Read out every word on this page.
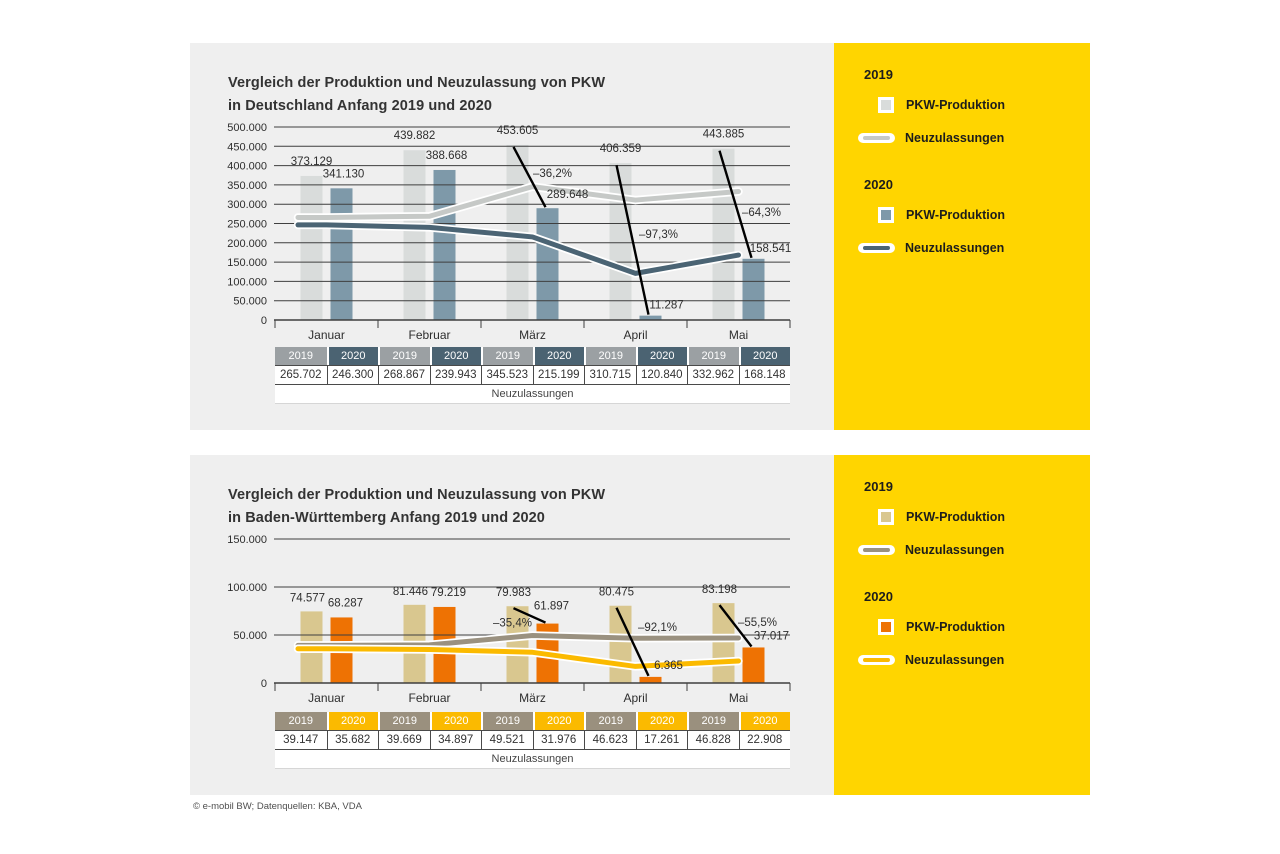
Vergleich der Produktion und Neuzulassung von PKW
in Deutschland Anfang 2019 und 2020
0
50.000
100.000
150.000
200.000
250.000
300.000
350.000
400.000
450.000
500.000
Januar	Februar	März	April	Mai
–36,2%
–97,3%
–64,3%
373.129
341.130
439.882
388.668
453.605
289.648
406.359
11.287
443.885
158.541
2019	2020	2019	2020	2019	2020	2019	2020	2019	2020
265.702 246.300 268.867 239.943 345.523 215.199 310.715 120.840 332.962 168.148
Neuzulassungen
2019
PKW-Produktion
Neuzulassungen
2020
PKW-Produktion
Neuzulassungen
Vergleich der Produktion und Neuzulassung von PKW
in Baden-Württemberg Anfang 2019 und 2020
0
50.000
100.000
150.000
Januar	Februar	März	April	Mai
–35,4%	–92,1%	–55,5%
74.577 68.287
81.446 79.219	79.983
61.897
80.475
6.365
83.198
37.017
2019	2020	2019	2020	2019	2020	2019	2020	2019	2020
39.147	35.682	39.669	34.897	49.521	31.976	46.623	17.261	46.828	22.908
Neuzulassungen
2019
PKW-Produktion
Neuzulassungen
2020
PKW-Produktion
Neuzulassungen
© e-mobil BW; Datenquellen: KBA, VDA
